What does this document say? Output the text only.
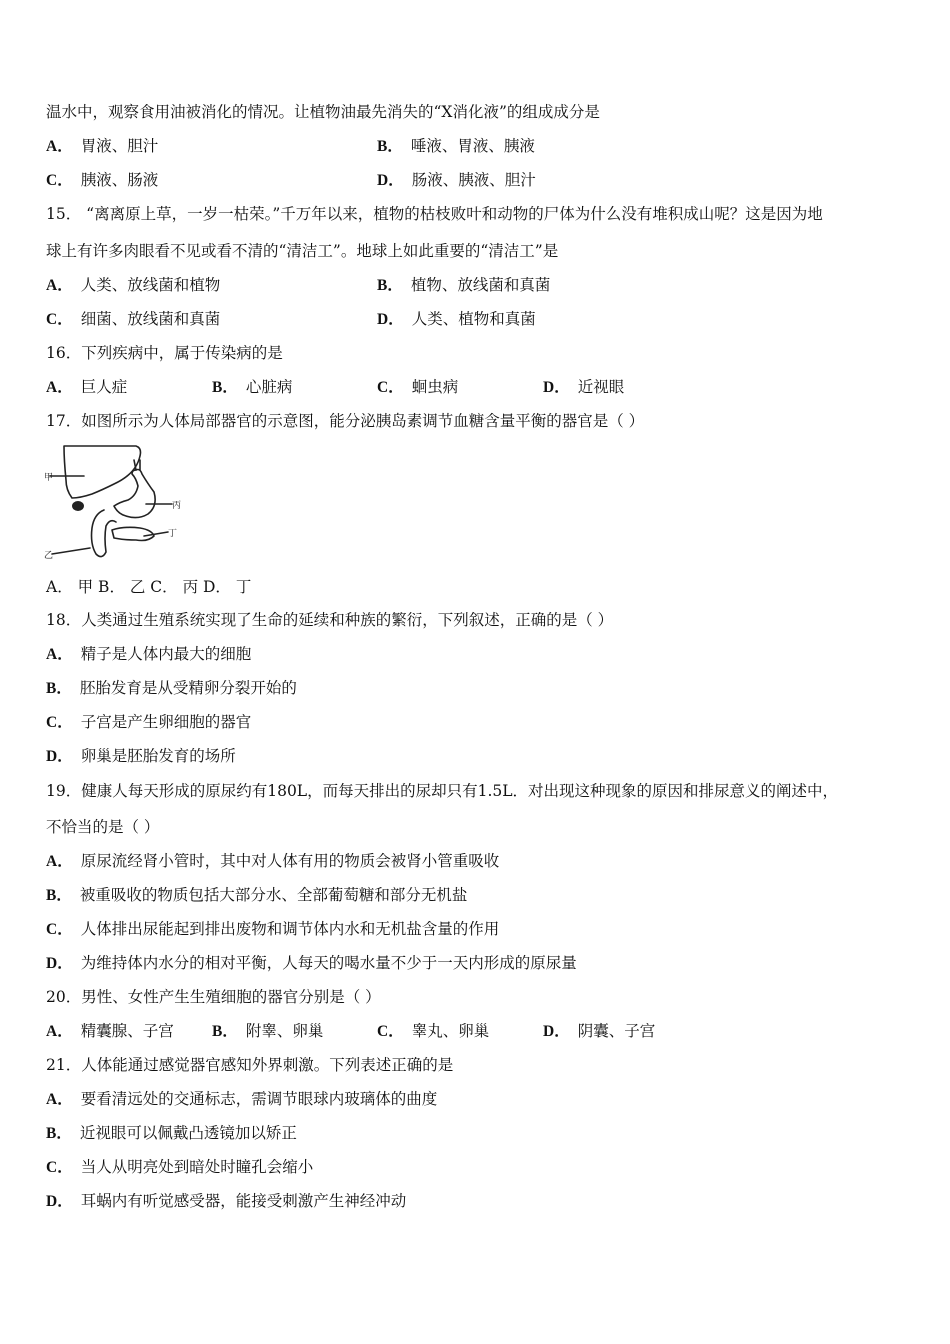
温水中，观察食用油被消化的情况。让植物油最先消失的“X消化液”的组成成分是
A． 胃液、胆汁	B． 唾液、胃液、胰液
C． 胰液、肠液	D． 肠液、胰液、胆汁
15． “离离原上草，一岁一枯荣。”千万年以来，植物的枯枝败叶和动物的尸体为什么没有堆积成山呢？这是因为地
球上有许多肉眼看不见或看不清的“清洁工”。地球上如此重要的“清洁工”是
A． 人类、放线菌和植物	B． 植物、放线菌和真菌
C． 细菌、放线菌和真菌	D． 人类、植物和真菌
16．下列疾病中，属于传染病的是
A． 巨人症	B． 心脏病	C． 蛔虫病	D． 近视眼
17．如图所示为人体局部器官的示意图，能分泌胰岛素调节血糖含量平衡的器官是（ ）
甲
丙
丁
乙
A． 甲 B． 乙 C． 丙 D． 丁
18．人类通过生殖系统实现了生命的延续和种族的繁衍，下列叙述，正确的是（ ）
A． 精子是人体内最大的细胞
B． 胚胎发育是从受精卵分裂开始的
C． 子宫是产生卵细胞的器官
D． 卵巢是胚胎发育的场所
19．健康人每天形成的原尿约有180L，而每天排出的尿却只有1.5L．对出现这种现象的原因和排尿意义的阐述中，
不恰当的是（ ）
A． 原尿流经肾小管时，其中对人体有用的物质会被肾小管重吸收
B． 被重吸收的物质包括大部分水、全部葡萄糖和部分无机盐
C． 人体排出尿能起到排出废物和调节体内水和无机盐含量的作用
D． 为维持体内水分的相对平衡，人每天的喝水量不少于一天内形成的原尿量
20．男性、女性产生生殖细胞的器官分别是（ ）
A． 精囊腺、子宫 B． 附睾、卵巢	C． 睾丸、卵巢	D． 阴囊、子宫
21．人体能通过感觉器官感知外界刺激。下列表述正确的是
A． 要看清远处的交通标志，需调节眼球内玻璃体的曲度
B． 近视眼可以佩戴凸透镜加以矫正
C． 当人从明亮处到暗处时瞳孔会缩小
D． 耳蜗内有听觉感受器，能接受刺激产生神经冲动
